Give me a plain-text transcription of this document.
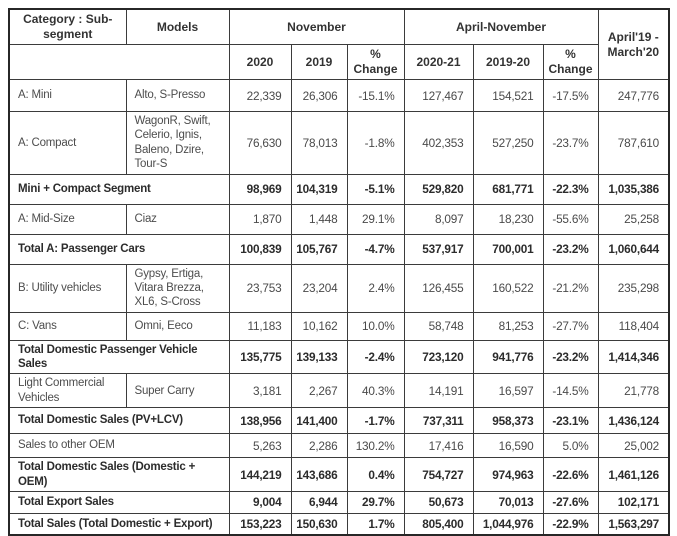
Category : Sub-segment	Models	November			April-November			April'19 - March'20
		2020	2019	% Change	2020-21	2019-20	% Change	
A: Mini	Alto, S-Presso	22,339	26,306	-15.1%	127,467	154,521	-17.5%	247,776
A: Compact	WagonR, Swift, Celerio, Ignis, Baleno, Dzire, Tour-S	76,630	78,013	-1.8%	402,353	527,250	-23.7%	787,610
Mini + Compact Segment		98,969	104,319	-5.1%	529,820	681,771	-22.3%	1,035,386
A: Mid-Size	Ciaz	1,870	1,448	29.1%	8,097	18,230	-55.6%	25,258
Total A: Passenger Cars		100,839	105,767	-4.7%	537,917	700,001	-23.2%	1,060,644
B: Utility vehicles	Gypsy, Ertiga, Vitara Brezza, XL6, S-Cross	23,753	23,204	2.4%	126,455	160,522	-21.2%	235,298
C: Vans	Omni, Eeco	11,183	10,162	10.0%	58,748	81,253	-27.7%	118,404
Total Domestic Passenger Vehicle Sales		135,775	139,133	-2.4%	723,120	941,776	-23.2%	1,414,346
Light Commercial Vehicles	Super Carry	3,181	2,267	40.3%	14,191	16,597	-14.5%	21,778
Total Domestic Sales (PV+LCV)		138,956	141,400	-1.7%	737,311	958,373	-23.1%	1,436,124
Sales to other OEM		5,263	2,286	130.2%	17,416	16,590	5.0%	25,002
Total Domestic Sales (Domestic + OEM)		144,219	143,686	0.4%	754,727	974,963	-22.6%	1,461,126
Total Export Sales		9,004	6,944	29.7%	50,673	70,013	-27.6%	102,171
Total Sales (Total Domestic + Export)		153,223	150,630	1.7%	805,400	1,044,976	-22.9%	1,563,297
